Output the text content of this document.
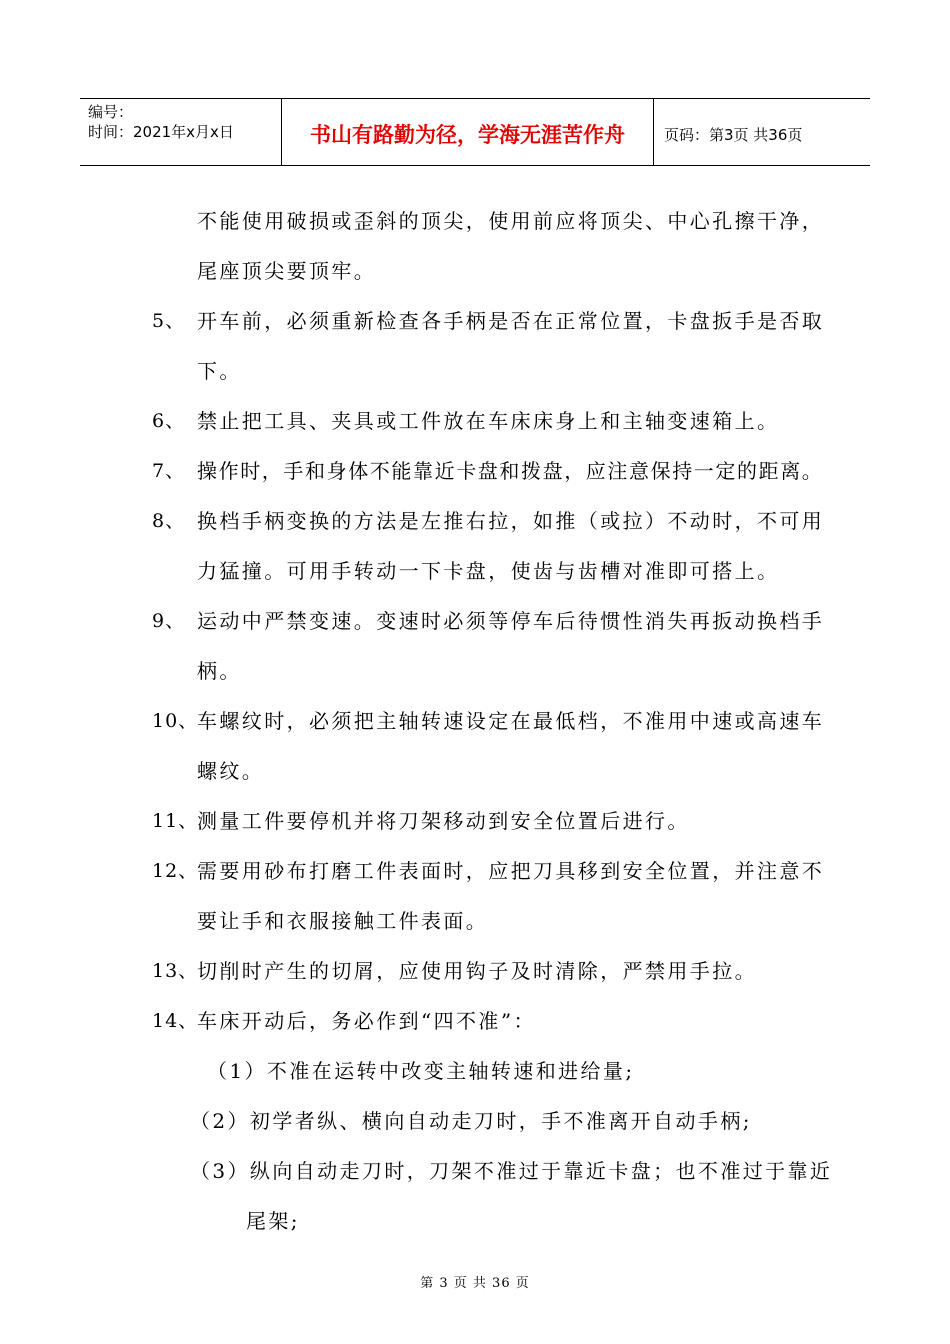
编号：
时间：2021年x月x日	书山有路勤为径，学海无涯苦作舟	页码：第3页 共36页
不能使用破损或歪斜的顶尖，使用前应将顶尖、中心孔擦干净，
尾座顶尖要顶牢。
5、 开车前，必须重新检查各手柄是否在正常位置，卡盘扳手是否取
下。
6、 禁止把工具、夹具或工件放在车床床身上和主轴变速箱上。
7、 操作时，手和身体不能靠近卡盘和拨盘，应注意保持一定的距离。
8、 换档手柄变换的方法是左推右拉，如推（或拉）不动时，不可用
力猛撞。可用手转动一下卡盘，使齿与齿槽对准即可搭上。
9、 运动中严禁变速。变速时必须等停车后待惯性消失再扳动换档手
柄。
10、
车螺纹时，必须把主轴转速设定在最低档，不准用中速或高速车
螺纹。
11、
测量工件要停机并将刀架移动到安全位置后进行。
12、
需要用砂布打磨工件表面时，应把刀具移到安全位置，并注意不
要让手和衣服接触工件表面。
13、
切削时产生的切屑，应使用钩子及时清除，严禁用手拉。
14、
车床开动后，务必作到“四不准”：
（1）不准在运转中改变主轴转速和进给量;
（2）初学者纵、横向自动走刀时，手不准离开自动手柄;
（3）纵向自动走刀时，刀架不准过于靠近卡盘；也不准过于靠近
尾架;
第 3 页 共 36 页
